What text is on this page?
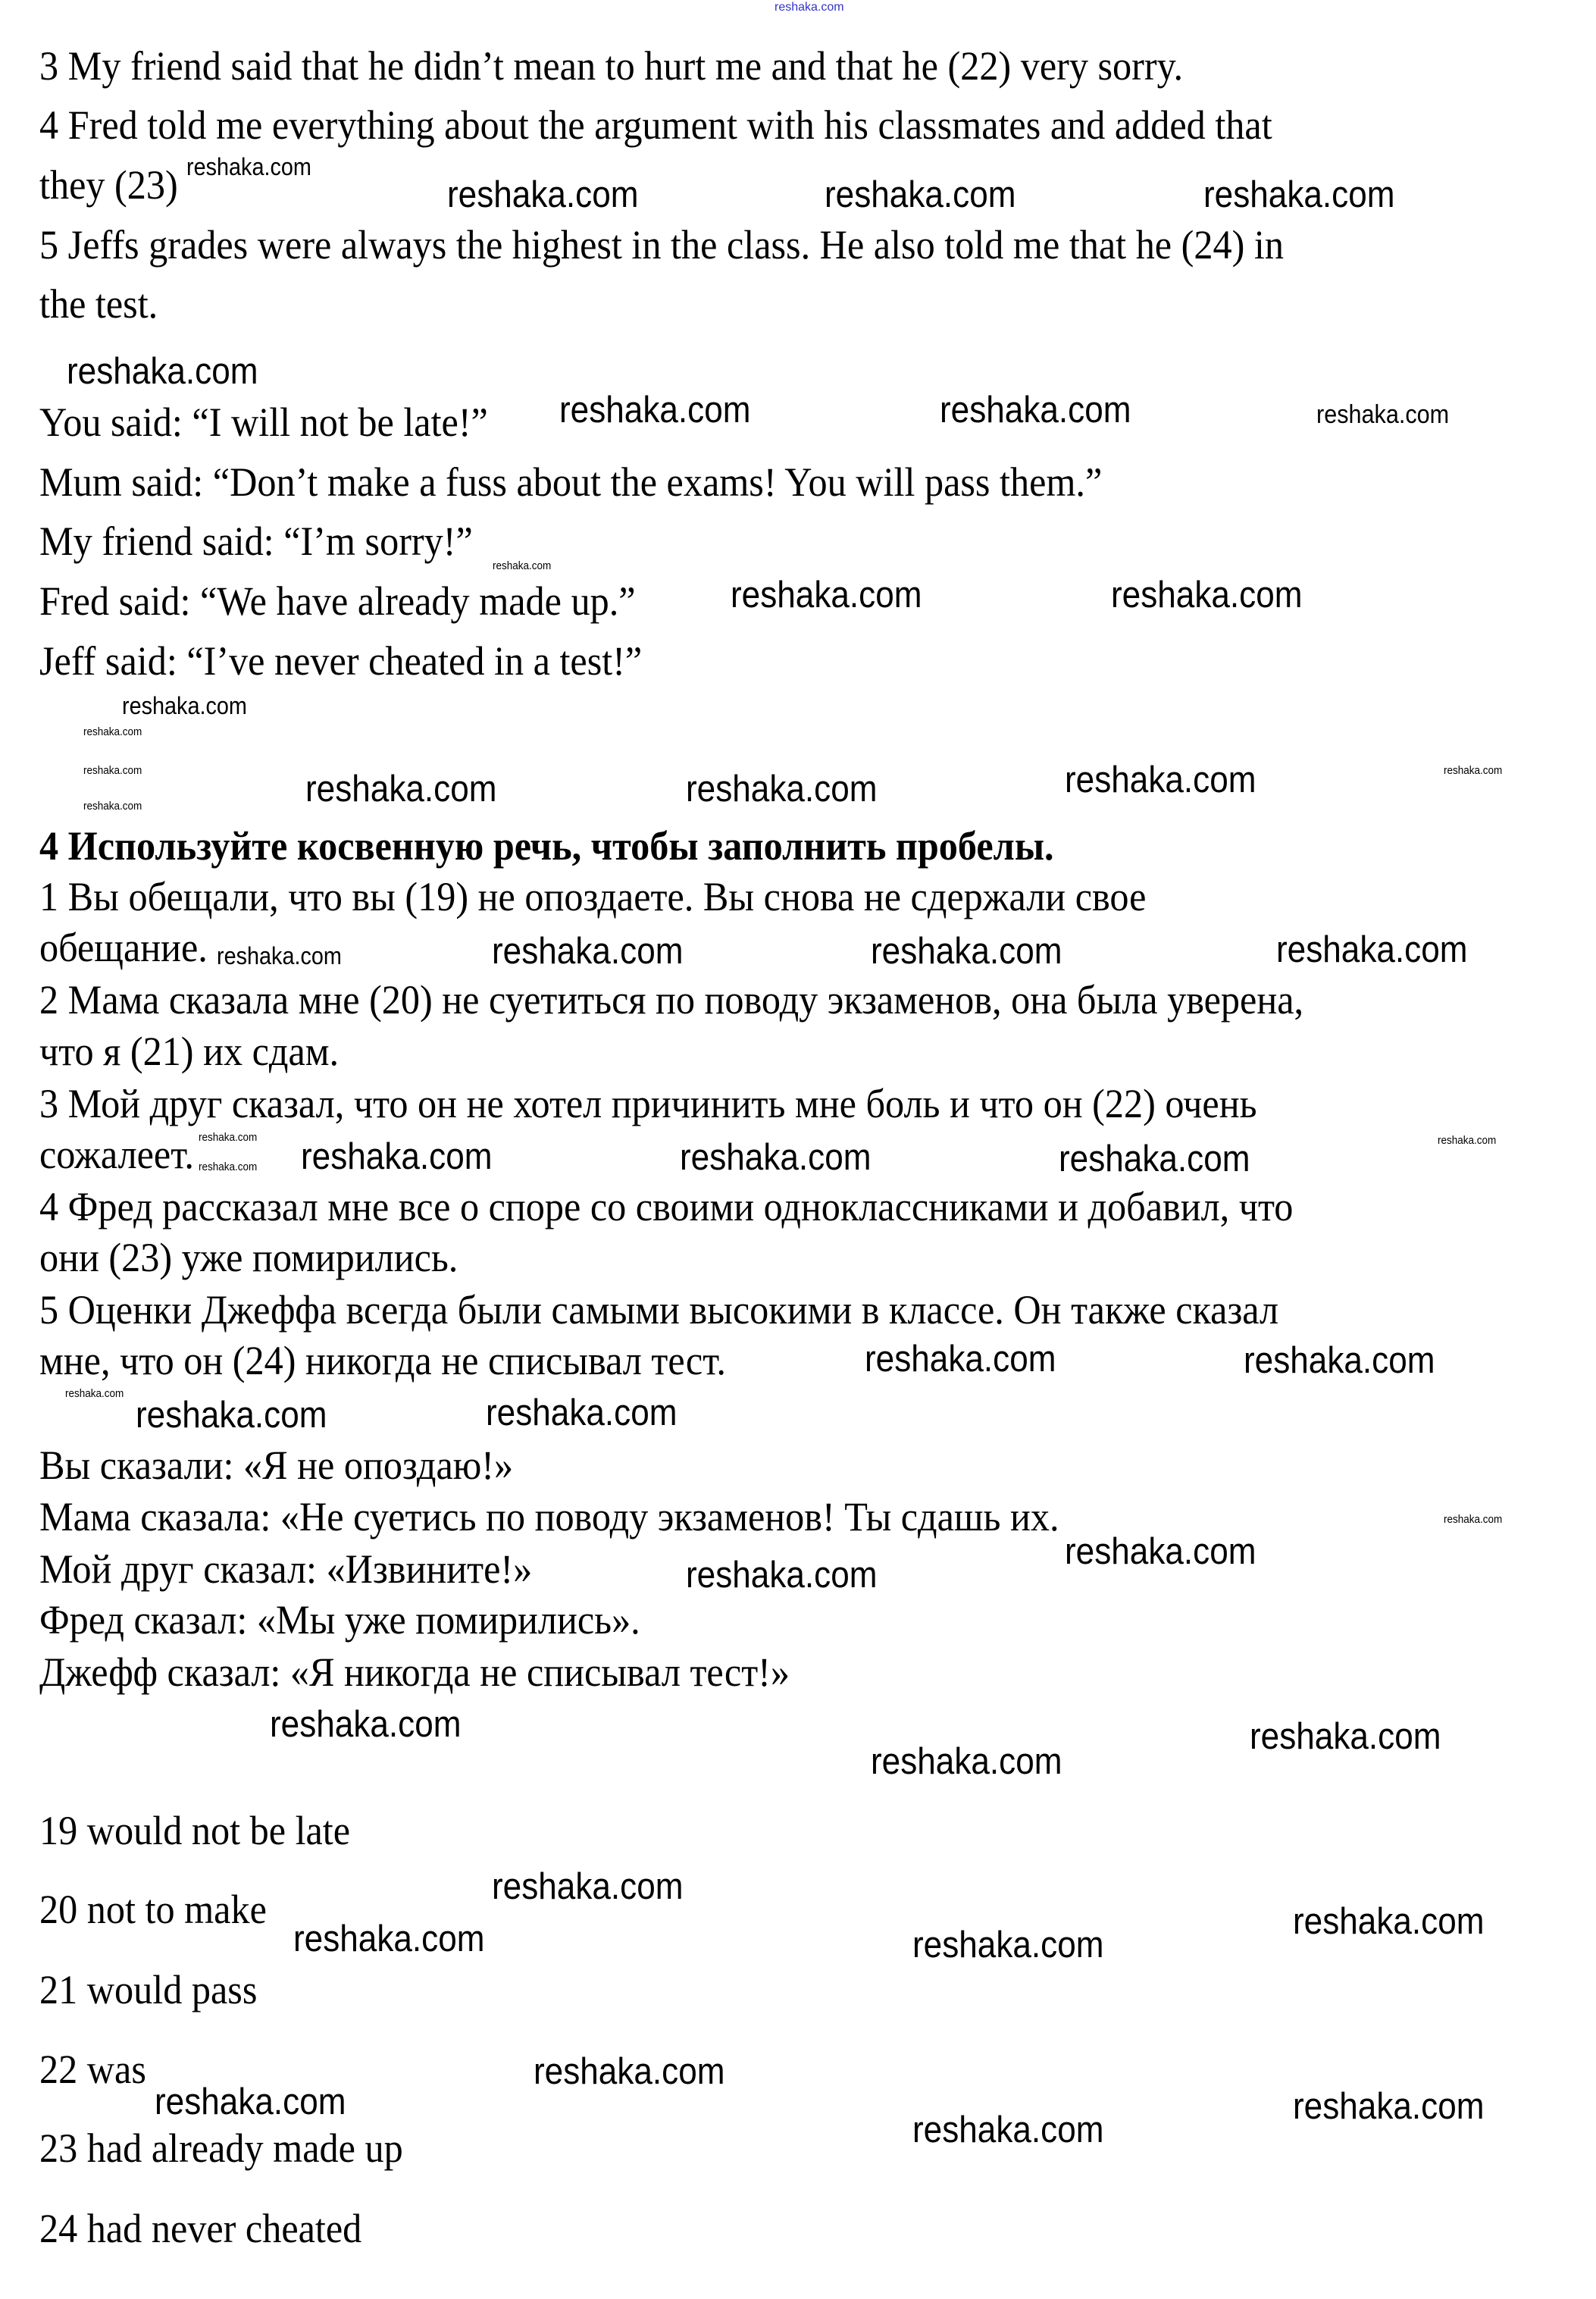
reshaka.com
4 Используйте косвенную речь, чтобы заполнить пробелы.
3 My friend said that he didn’t mean to hurt me and that he (22) very sorry.
4 Fred told me everything about the argument with his classmates and added that
they (23)
5 Jeffs grades were always the highest in the class. He also told me that he (24) in
the test.
You said: “I will not be late!”
Mum said: “Don’t make a fuss about the exams! You will pass them.”
My friend said: “I’m sorry!”
Fred said: “We have already made up.”
Jeff said: “I’ve never cheated in a test!”
1 Вы обещали, что вы (19) не опоздаете. Вы снова не сдержали свое
обещание.
2 Мама сказала мне (20) не суетиться по поводу экзаменов, она была уверена,
что я (21) их сдам.
3 Мой друг сказал, что он не хотел причинить мне боль и что он (22) очень
сожалеет.
4 Фред рассказал мне все о споре со своими одноклассниками и добавил, что
они (23) уже помирились.
5 Оценки Джеффа всегда были самыми высокими в классе. Он также сказал
мне, что он (24) никогда не списывал тест.
Вы сказали: «Я не опоздаю!»
Мама сказала: «Не суетись по поводу экзаменов! Ты сдашь их.
Мой друг сказал: «Извините!»
Фред сказал: «Мы уже помирились».
Джефф сказал: «Я никогда не списывал тест!»
19 would not be late
20 not to make
21 would pass
22 was
23 had already made up
24 had never cheated
reshaka.com
reshaka.com	reshaka.com	reshaka.com
reshaka.com
reshaka.com	reshaka.com	reshaka.com
reshaka.com
reshaka.com
reshaka.com	reshaka.com
reshaka.com
reshaka.com	reshaka.com	reshaka.com	reshaka.com	reshaka.com
reshaka.com
reshaka.com	reshaka.com	reshaka.com	reshaka.com
reshaka.com	reshaka.com
reshaka.com	reshaka.com	reshaka.com
reshaka.com
reshaka.com
reshaka.com	reshaka.com
reshaka.com
reshaka.com
reshaka.com
reshaka.com
reshaka.com
reshaka.com	reshaka.com
reshaka.com
reshaka.com
reshaka.com	reshaka.com
reshaka.com
reshaka.com
reshaka.com
reshaka.com
reshaka.com
